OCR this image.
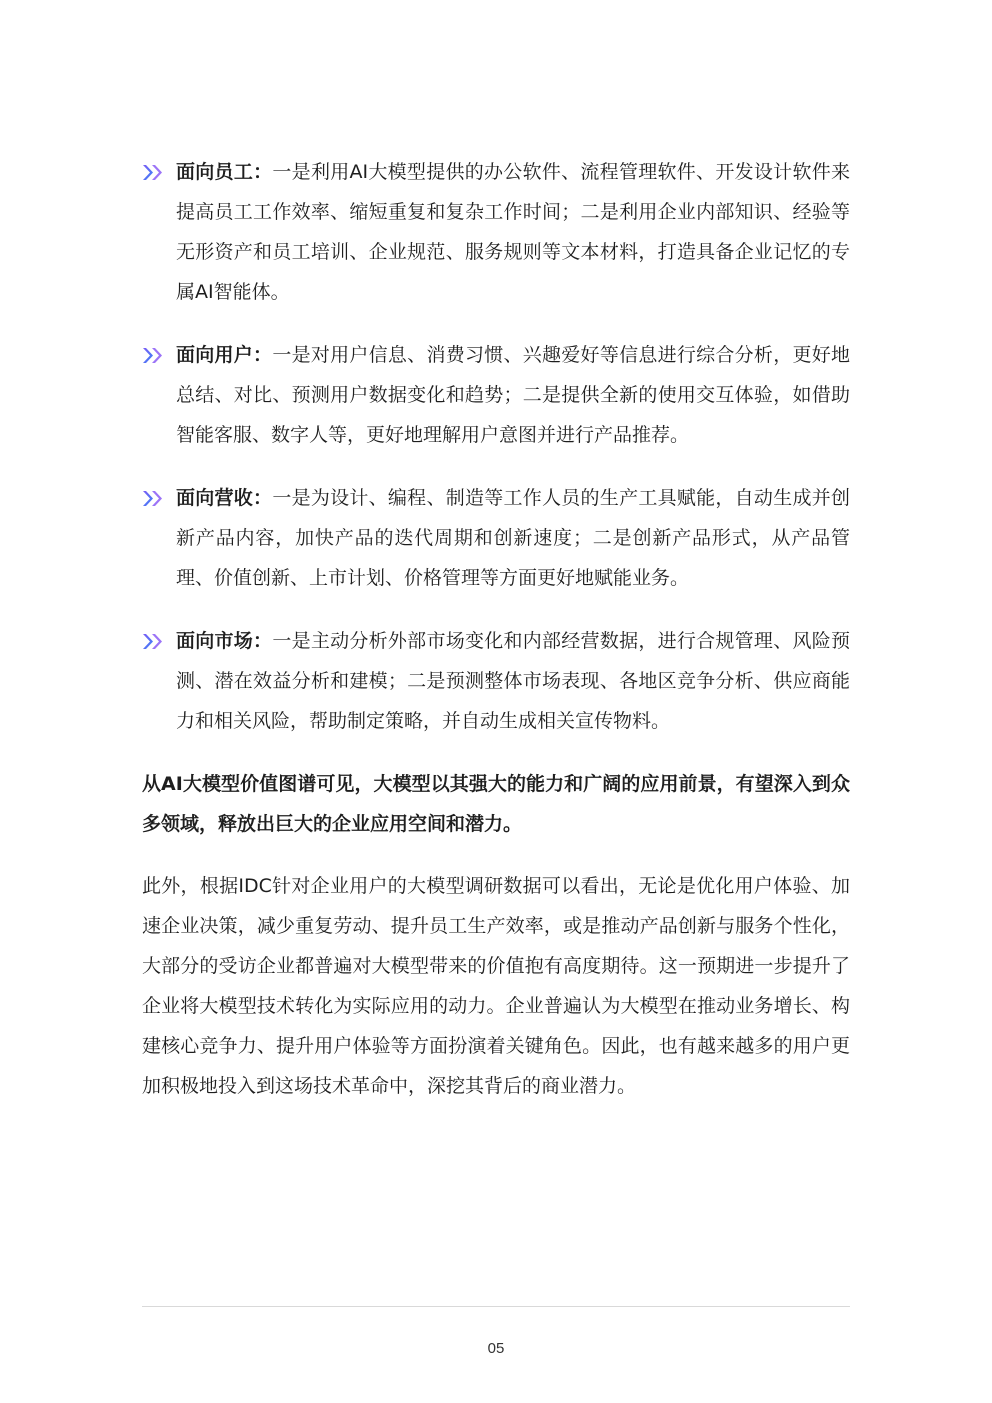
面向员工：一是利用AI大模型提供的办公软件、流程管理软件、开发设计软件来提高员工工作效率、缩短重复和复杂工作时间；二是利用企业内部知识、经验等无形资产和员工培训、企业规范、服务规则等文本材料，打造具备企业记忆的专属AI智能体。
面向用户：一是对用户信息、消费习惯、兴趣爱好等信息进行综合分析，更好地总结、对比、预测用户数据变化和趋势；二是提供全新的使用交互体验，如借助智能客服、数字人等，更好地理解用户意图并进行产品推荐。
面向营收：一是为设计、编程、制造等工作人员的生产工具赋能，自动生成并创新产品内容，加快产品的迭代周期和创新速度；二是创新产品形式，从产品管理、价值创新、上市计划、价格管理等方面更好地赋能业务。
面向市场：一是主动分析外部市场变化和内部经营数据，进行合规管理、风险预测、潜在效益分析和建模；二是预测整体市场表现、各地区竞争分析、供应商能力和相关风险，帮助制定策略，并自动生成相关宣传物料。

从AI大模型价值图谱可见，大模型以其强大的能力和广阔的应用前景，有望深入到众多领域，释放出巨大的企业应用空间和潜力。

此外，根据IDC针对企业用户的大模型调研数据可以看出，无论是优化用户体验、加速企业决策，减少重复劳动、提升员工生产效率，或是推动产品创新与服务个性化，大部分的受访企业都普遍对大模型带来的价值抱有高度期待。这一预期进一步提升了企业将大模型技术转化为实际应用的动力。企业普遍认为大模型在推动业务增长、构建核心竞争力、提升用户体验等方面扮演着关键角色。因此，也有越来越多的用户更加积极地投入到这场技术革命中，深挖其背后的商业潜力。

05
